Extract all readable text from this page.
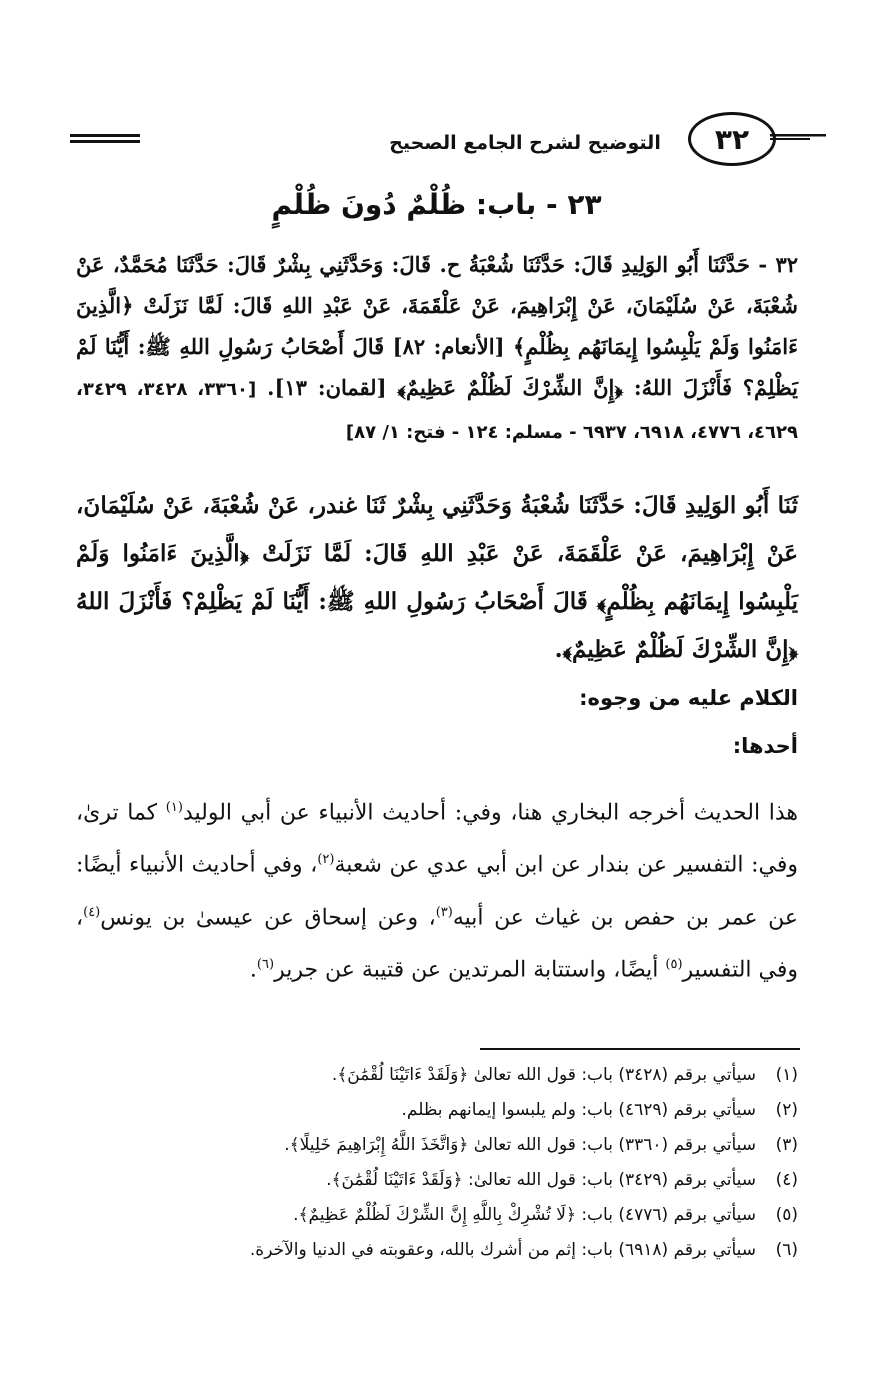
التوضيح لشرح الجامع الصحيح	٣٢
٢٣ - باب: ظُلْمٌ دُونَ ظُلْمٍ
٣٢ - حَدَّثَنَا أَبُو الوَلِيدِ قَالَ: حَدَّثَنَا شُعْبَةُ ح. قَالَ: وَحَدَّثَنِي بِشْرٌ قَالَ: حَدَّثَنَا مُحَمَّدٌ، عَنْ شُعْبَةَ، عَنْ سُلَيْمَانَ، عَنْ إِبْرَاهِيمَ، عَنْ عَلْقَمَةَ، عَنْ عَبْدِ اللهِ قَالَ: لَمَّا نَزَلَتْ ﴿الَّذِينَ ءَامَنُوا وَلَمْ يَلْبِسُوا إِيمَانَهُم بِظُلْمٍ﴾ [الأنعام: ٨٢] قَالَ أَصْحَابُ رَسُولِ اللهِ ﷺ: أَيُّنَا لَمْ يَظْلِمْ؟ فَأَنْزَلَ اللهُ: ﴿إِنَّ الشِّرْكَ لَظُلْمٌ عَظِيمٌ﴾ [لقمان: ١٣]. [٣٣٦٠، ٣٤٢٨، ٣٤٢٩، ٤٦٢٩، ٤٧٧٦، ٦٩١٨، ٦٩٣٧ - مسلم: ١٢٤ - فتح: ١/ ٨٧]
ثَنَا أَبُو الوَلِيدِ قَالَ: حَدَّثَنَا شُعْبَةُ وَحَدَّثَنِي بِشْرٌ ثَنَا غندر، عَنْ شُعْبَةَ، عَنْ سُلَيْمَانَ، عَنْ إِبْرَاهِيمَ، عَنْ عَلْقَمَةَ، عَنْ عَبْدِ اللهِ قَالَ: لَمَّا نَزَلَتْ ﴿الَّذِينَ ءَامَنُوا وَلَمْ يَلْبِسُوا إِيمَانَهُم بِظُلْمٍ﴾ قَالَ أَصْحَابُ رَسُولِ اللهِ ﷺ: أَيُّنَا لَمْ يَظْلِمْ؟ فَأَنْزَلَ اللهُ ﴿إِنَّ الشِّرْكَ لَظُلْمٌ عَظِيمٌ﴾.
الكلام عليه من وجوه:
أحدها:
هذا الحديث أخرجه البخاري هنا، وفي: أحاديث الأنبياء عن أبي الوليد$^{(١)}$ كما ترىٰ، وفي: التفسير عن بندار عن ابن أبي عدي عن شعبة$^{(٢)}$، وفي أحاديث الأنبياء أيضًا: عن عمر بن حفص بن غياث عن أبيه$^{(٣)}$، وعن إسحاق عن عيسىٰ بن يونس$^{(٤)}$، وفي التفسير$^{(٥)}$ أيضًا، واستتابة المرتدين عن قتيبة عن جرير$^{(٦)}$.
(١)
سيأتي برقم (٣٤٢٨) باب: قول الله تعالىٰ ﴿وَلَقَدْ ءَاتَيْنَا لُقْمَٰنَ﴾.
(٢)
سيأتي برقم (٤٦٢٩) باب: ولم يلبسوا إيمانهم بظلم.
(٣)
سيأتي برقم (٣٣٦٠) باب: قول الله تعالىٰ ﴿وَاتَّخَذَ اللَّهُ إِبْرَاهِيمَ خَلِيلًا﴾.
(٤)
سيأتي برقم (٣٤٢٩) باب: قول الله تعالىٰ: ﴿وَلَقَدْ ءَاتَيْنَا لُقْمَٰنَ﴾.
(٥)
سيأتي برقم (٤٧٧٦) باب: ﴿لَا تُشْرِكْ بِاللَّهِ إِنَّ الشِّرْكَ لَظُلْمٌ عَظِيمٌ﴾.
(٦)
سيأتي برقم (٦٩١٨) باب: إثم من أشرك بالله، وعقوبته في الدنيا والآخرة.
